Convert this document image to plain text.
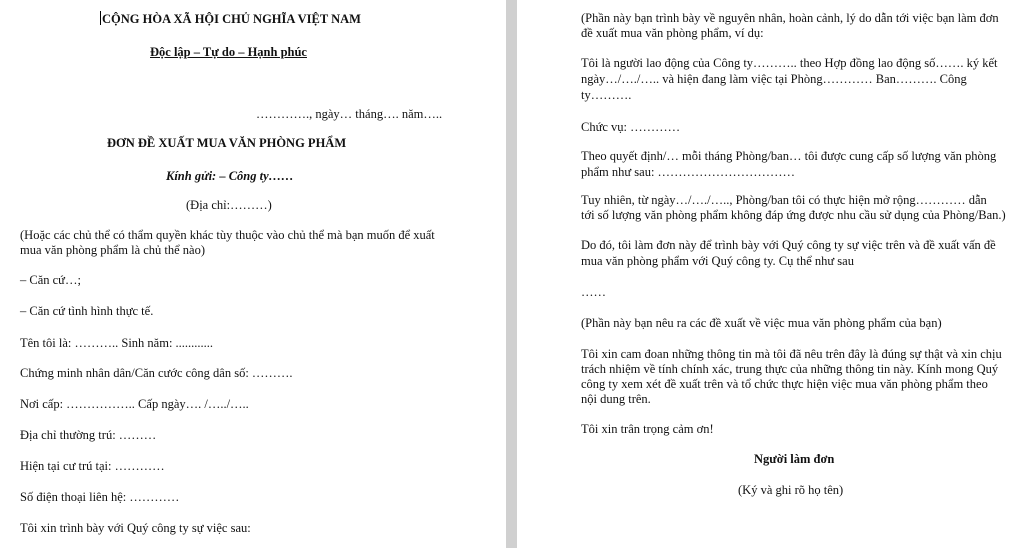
CỘNG HÒA XÃ HỘI CHỦ NGHĨA VIỆT NAM

Độc lập – Tự do – Hạnh phúc

…………., ngày… tháng…. năm…..

ĐƠN ĐỀ XUẤT MUA VĂN PHÒNG PHẨM

Kính gửi: – Công ty……

(Địa chỉ:………)

(Hoặc các chủ thể có thẩm quyền khác tùy thuộc vào chủ thể mà bạn muốn để xuất

mua văn phòng phẩm là chủ thể nào)

– Căn cứ…;

– Căn cứ tình hình thực tế.

Tên tôi là: ……….. Sinh năm: ............

Chứng minh nhân dân/Căn cước công dân số: ……….

Nơi cấp: …………….. Cấp ngày…. /…../…..

Địa chỉ thường trú: ………

Hiện tại cư trú tại: …………

Số điện thoại liên hệ: …………

Tôi xin trình bày với Quý công ty sự việc sau:

(Phần này bạn trình bày về nguyên nhân, hoàn cảnh, lý do dẫn tới việc bạn làm đơn

đề xuất mua văn phòng phẩm, ví dụ:

Tôi là người lao động của Công ty……….. theo Hợp đồng lao động số……. ký kết

ngày…/…./….. và hiện đang làm việc tại Phòng………… Ban………. Công

ty……….

Chức vụ: …………

Theo quyết định/… mỗi tháng Phòng/ban… tôi được cung cấp số lượng văn phòng

phẩm như sau: ……………………………

Tuy nhiên, từ ngày…/…./….., Phòng/ban tôi có thực hiện mở rộng………… dẫn

tới số lượng văn phòng phẩm không đáp ứng được nhu cầu sử dụng của Phòng/Ban.)

Do đó, tôi làm đơn này để trình bày với Quý công ty sự việc trên và đề xuất vấn đề

mua văn phòng phẩm với Quý công ty. Cụ thể như sau

……

(Phần này bạn nêu ra các đề xuất về việc mua văn phòng phẩm của bạn)

Tôi xin cam đoan những thông tin mà tôi đã nêu trên đây là đúng sự thật và xin chịu

trách nhiệm về tính chính xác, trung thực của những thông tin này. Kính mong Quý

công ty xem xét đề xuất trên và tổ chức thực hiện việc mua văn phòng phẩm theo

nội dung trên.

Tôi xin trân trọng cảm ơn!

Người làm đơn

(Ký và ghi rõ họ tên)
